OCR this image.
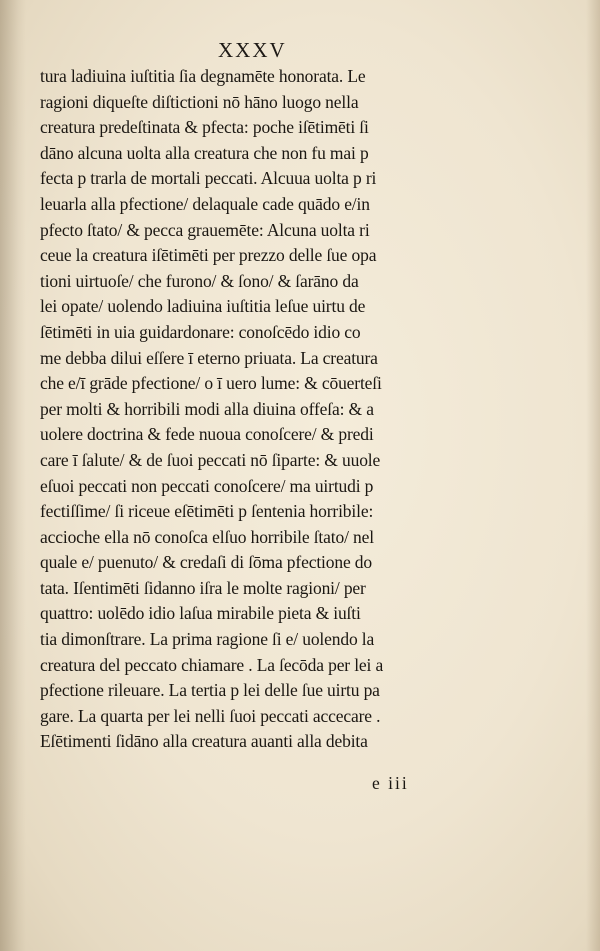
XXXV
tura ladiuina iuſtitia ſia degnamēte honorata. Le
ragioni diqueſte diſtictioni nō hāno luogo nella
creatura predeſtinata & pfecta: poche iſētimēti ſi
dāno alcuna uolta alla creatura che non fu mai p
fecta p trarla de mortali peccati. Alcuua uolta p ri
leuarla alla pfectione/ delaquale cade quādo e/in
pfecto ſtato/ & pecca grauemēte: Alcuna uolta ri
ceue la creatura iſētimēti per prezzo delle ſue opa
tioni uirtuoſe/ che furono/ & ſono/ & ſarāno da
lei opate/ uolendo ladiuina iuſtitia leſue uirtu de
ſētimēti in uia guidardonare: conoſcēdo idio co
me debba dilui eſſere ī eterno priuata. La creatura
che e/ī grāde pfectione/ o ī uero lume: & cōuerteſi
per molti & horribili modi alla diuina offeſa: & a
uolere doctrina & fede nuoua conoſcere/ & predi
care ī ſalute/ & de ſuoi peccati nō ſiparte: & uuole
eſuoi peccati non peccati conoſcere/ ma uirtudi p
fectiſſime/ ſi riceue eſētimēti p ſentenia horribile:
accioche ella nō conoſca elſuo horribile ſtato/ nel
quale e/ puenuto/ & credaſi di ſōma pfectione do
tata. Iſentimēti ſidanno iſra le molte ragioni/ per
quattro: uolēdo idio laſua mirabile pieta & iuſti
tia dimonſtrare. La prima ragione ſi e/ uolendo la
creatura del peccato chiamare . La ſecōda per lei a
pfectione rileuare. La tertia p lei delle ſue uirtu pa
gare. La quarta per lei nelli ſuoi peccati accecare .
Eſētimenti ſidāno alla creatura auanti alla debita
e iii
